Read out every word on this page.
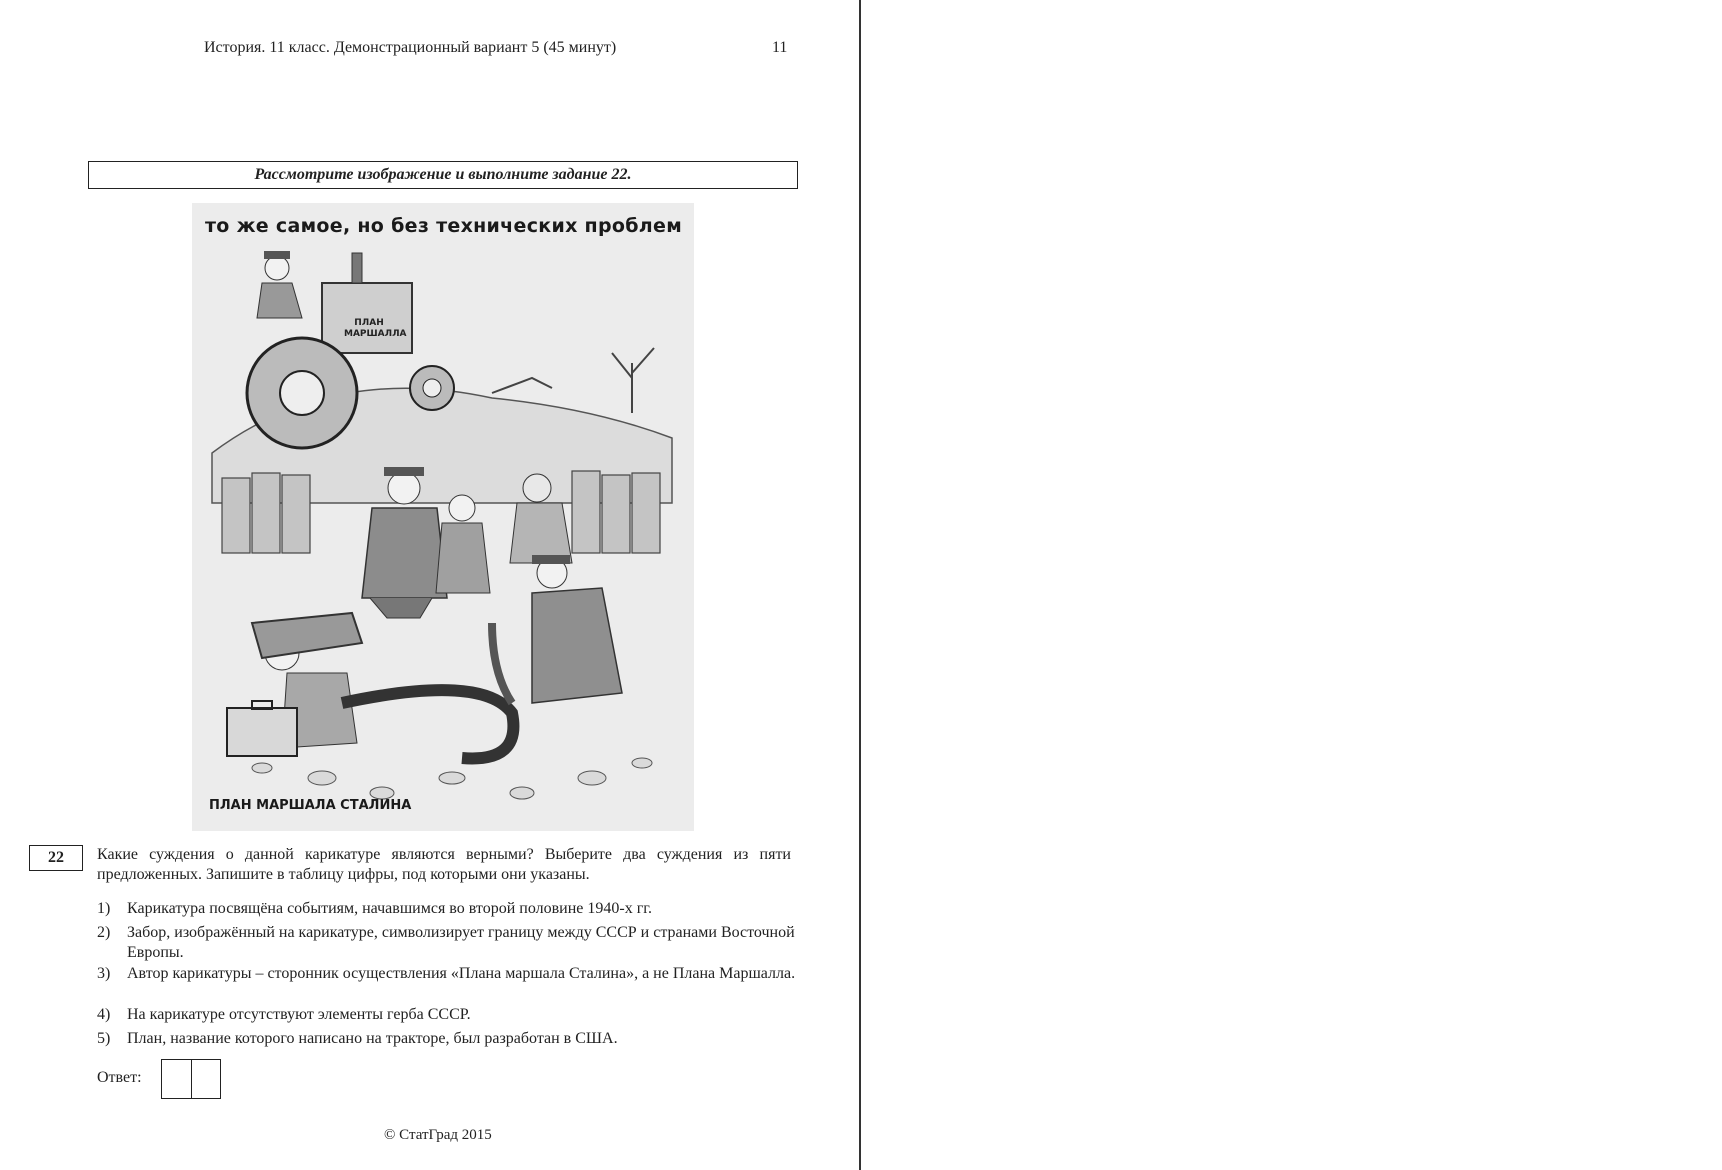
История. 11 класс. Демонстрационный вариант 5 (45 минут)	11
Рассмотрите изображение и выполните задание 22.
то же самое, но без технических проблем
ПЛАН МАРШАЛЛА
ПЛАН МАРШАЛА СТАЛИНА
22	Какие суждения о данной карикатуре являются верными? Выберите два суждения из пяти предложенных. Запишите в таблицу цифры, под которыми они указаны.
1) Карикатура посвящёна событиям, начавшимся во второй половине 1940-х гг.
2) Забор, изображённый на карикатуре, символизирует границу между СССР и странами Восточной Европы.
3) Автор карикатуры – сторонник осуществления «Плана маршала Сталина», а не Плана Маршалла.
4) На карикатуре отсутствуют элементы герба СССР.
5) План, название которого написано на тракторе, был разработан в США.
Ответ:
© СтатГрад 2015
